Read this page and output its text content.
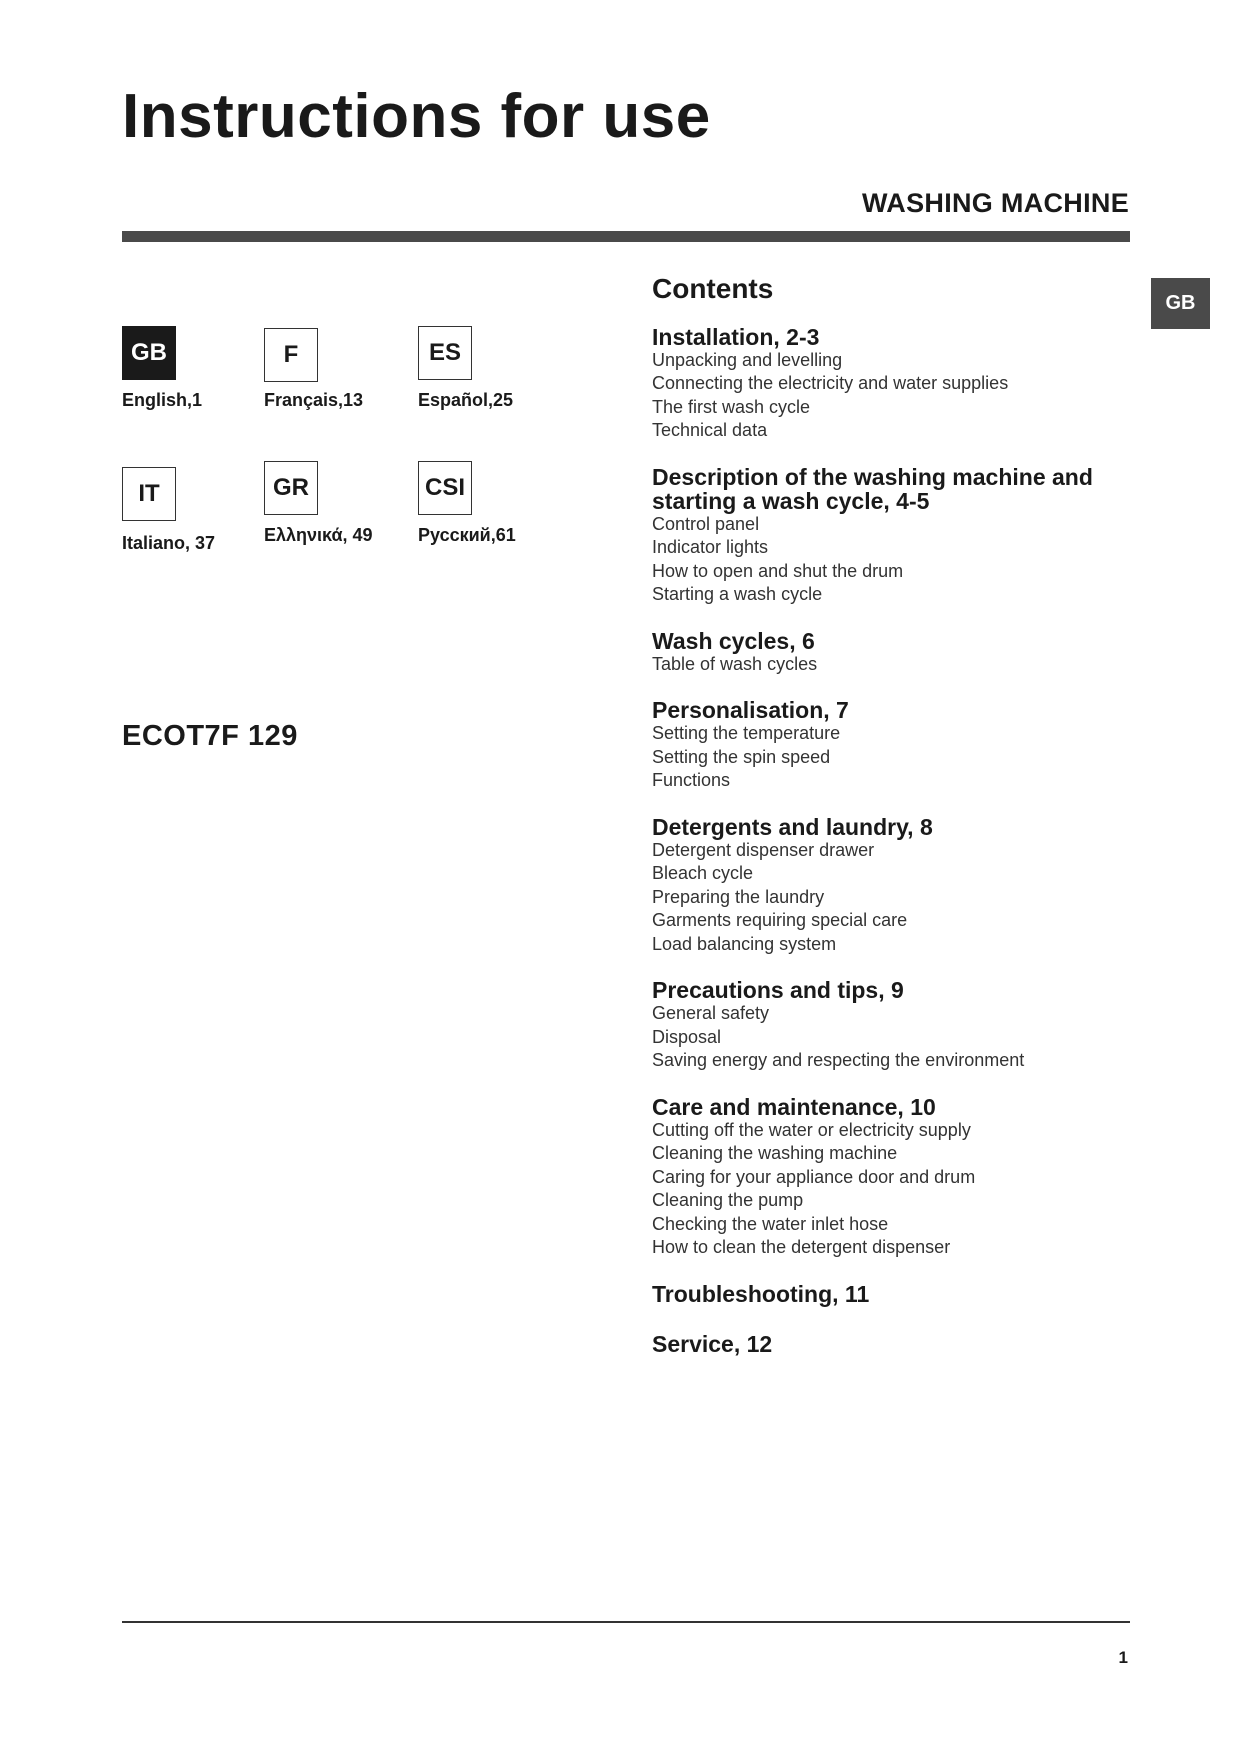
Instructions for use
WASHING MACHINE
GB
GB
English,1
F
Français,13
ES
Español,25
IT
Italiano, 37
GR
Ελληνικά, 49
CSI
Русский,61
ECOT7F 129
Contents
Installation, 2-3
Unpacking and levelling
Connecting the electricity and water supplies
The first wash cycle
Technical data
Description of the washing machine and starting a wash cycle, 4-5
Control panel
Indicator lights
How to open and shut the drum
Starting a wash cycle
Wash cycles, 6
Table of wash cycles
Personalisation, 7
Setting the temperature
Setting the spin speed
Functions
Detergents and laundry, 8
Detergent dispenser drawer
Bleach cycle
Preparing the laundry
Garments requiring special care
Load balancing system
Precautions and tips, 9
General safety
Disposal
Saving energy and respecting the environment
Care and maintenance, 10
Cutting off the water or electricity supply
Cleaning the washing machine
Caring for your appliance door and drum
Cleaning the pump
Checking the water inlet hose
How to clean the detergent dispenser
Troubleshooting, 11
Service, 12
1
